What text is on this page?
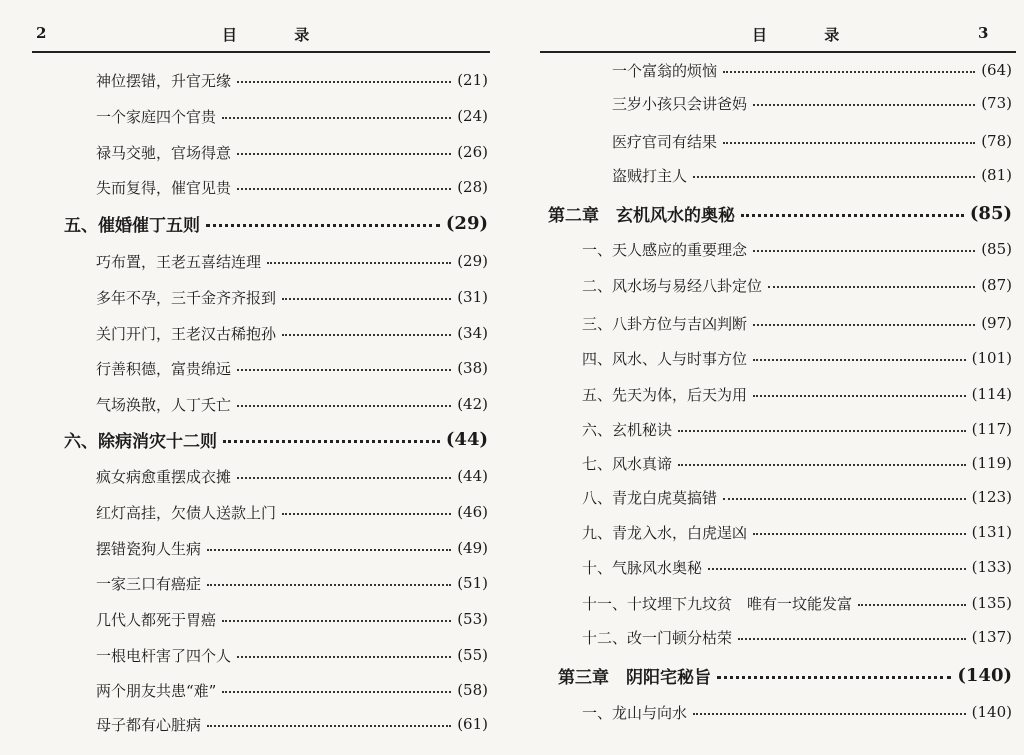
2	目 录
神位摆错，升官无缘	(21)
一个家庭四个官贵	(24)
禄马交驰，官场得意	(26)
失而复得，催官见贵	(28)
五、催婚催丁五则	(29)
巧布置，王老五喜结连理	(29)
多年不孕，三千金齐齐报到	(31)
关门开门，王老汉古稀抱孙	(34)
行善积德，富贵绵远	(38)
气场涣散，人丁夭亡	(42)
六、除病消灾十二则	(44)
疯女病愈重摆成衣摊	(44)
红灯高挂，欠债人送款上门	(46)
摆错瓷狗人生病	(49)
一家三口有癌症	(51)
几代人都死于胃癌	(53)
一根电杆害了四个人	(55)
两个朋友共患“难”	(58)
母子都有心脏病	(61)
3
目 录
一个富翁的烦恼	(64)
三岁小孩只会讲爸妈	(73)
医疗官司有结果	(78)
盗贼打主人	(81)
第二章　玄机风水的奥秘	(85)
一、天人感应的重要理念	(85)
二、风水场与易经八卦定位	(87)
三、八卦方位与吉凶判断	(97)
四、风水、人与时事方位	(101)
五、先天为体，后天为用	(114)
六、玄机秘诀	(117)
七、风水真谛	(119)
八、青龙白虎莫搞错	(123)
九、青龙入水，白虎逞凶	(131)
十、气脉风水奥秘	(133)
十一、十坟埋下九坟贫　唯有一坟能发富	(135)
十二、改一门顿分枯荣	(137)
第三章　阴阳宅秘旨	(140)
一、龙山与向水	(140)
